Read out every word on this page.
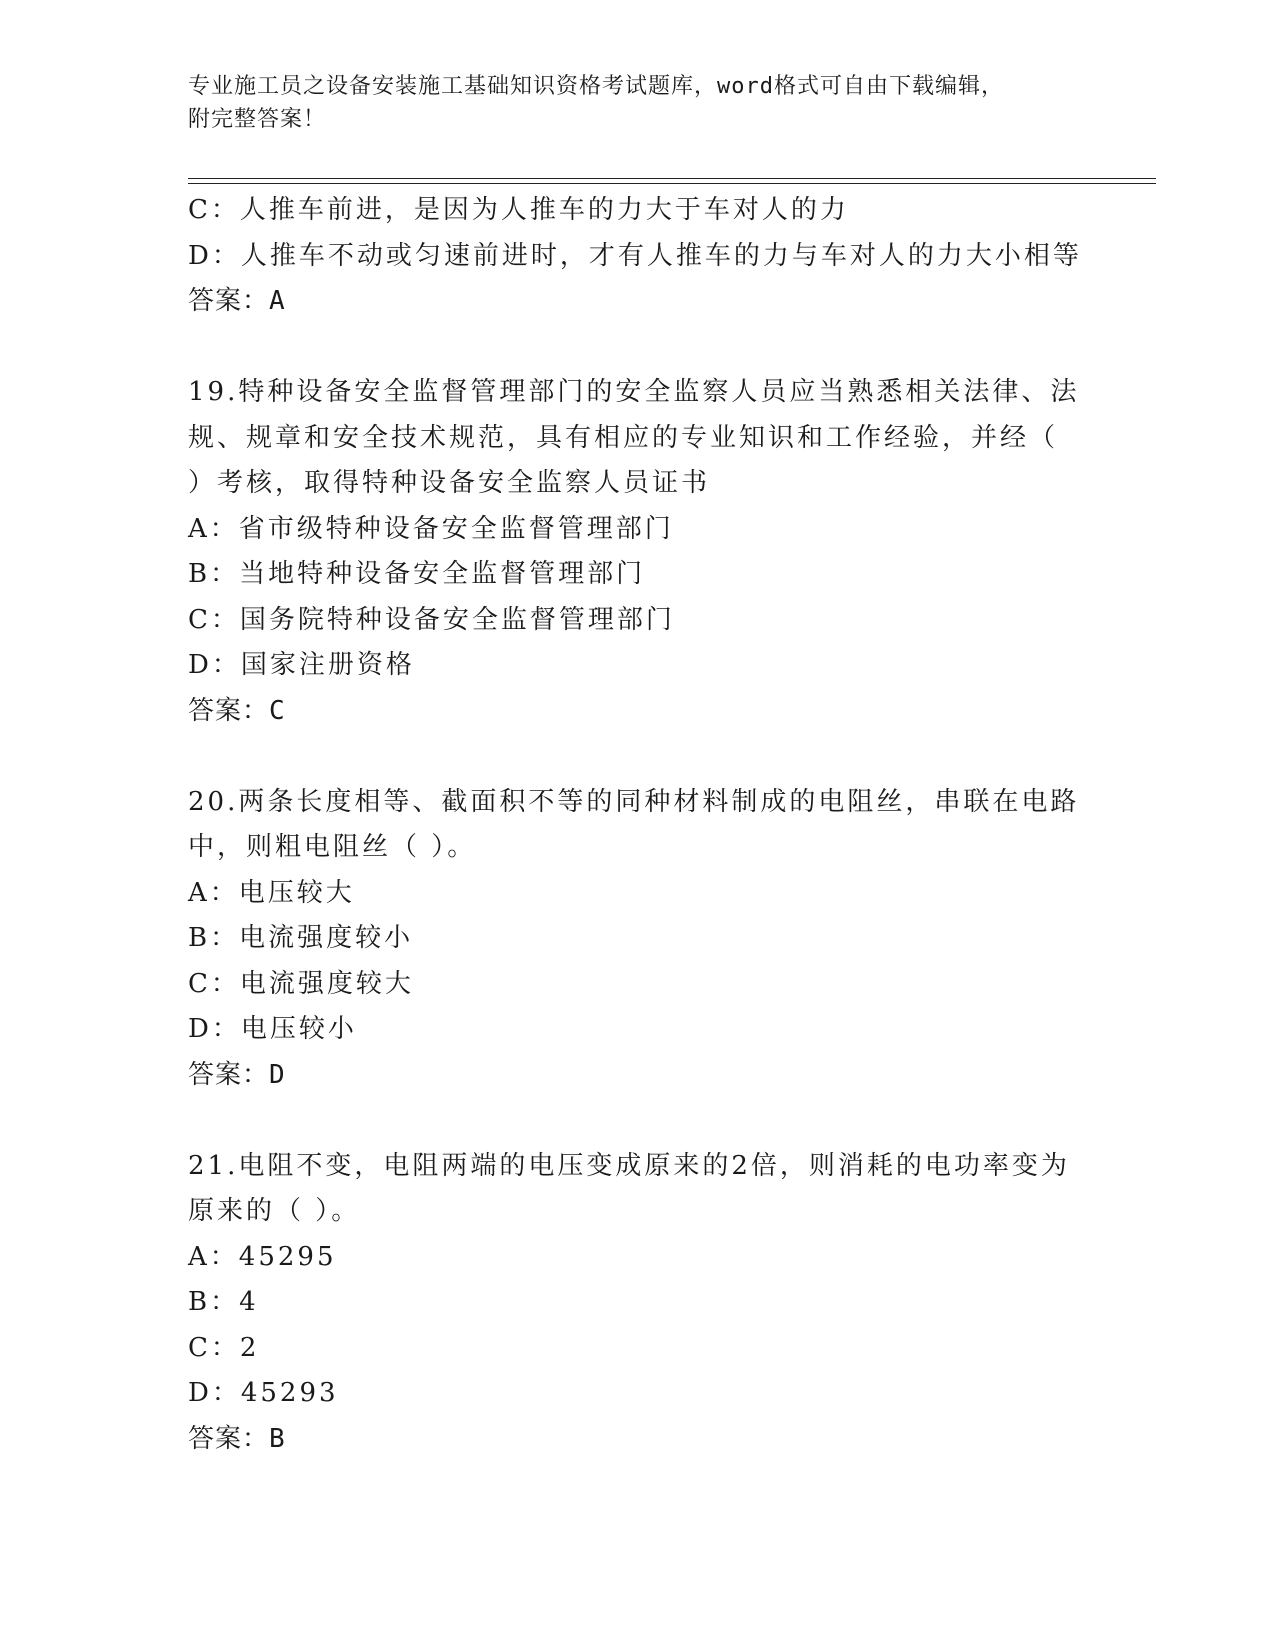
专业施工员之设备安装施工基础知识资格考试题库，word格式可自由下载编辑，
附完整答案！
C：人推车前进，是因为人推车的力大于车对人的力
D：人推车不动或匀速前进时，才有人推车的力与车对人的力大小相等
答案：A
19.特种设备安全监督管理部门的安全监察人员应当熟悉相关法律、法
规、规章和安全技术规范，具有相应的专业知识和工作经验，并经（
）考核，取得特种设备安全监察人员证书
A：省市级特种设备安全监督管理部门
B：当地特种设备安全监督管理部门
C：国务院特种设备安全监督管理部门
D：国家注册资格
答案：C
20.两条长度相等、截面积不等的同种材料制成的电阻丝，串联在电路
中，则粗电阻丝（ ）。
A：电压较大
B：电流强度较小
C：电流强度较大
D：电压较小
答案：D
21.电阻不变，电阻两端的电压变成原来的2倍，则消耗的电功率变为
原来的（ ）。
A：45295
B：4
C：2
D：45293
答案：B
